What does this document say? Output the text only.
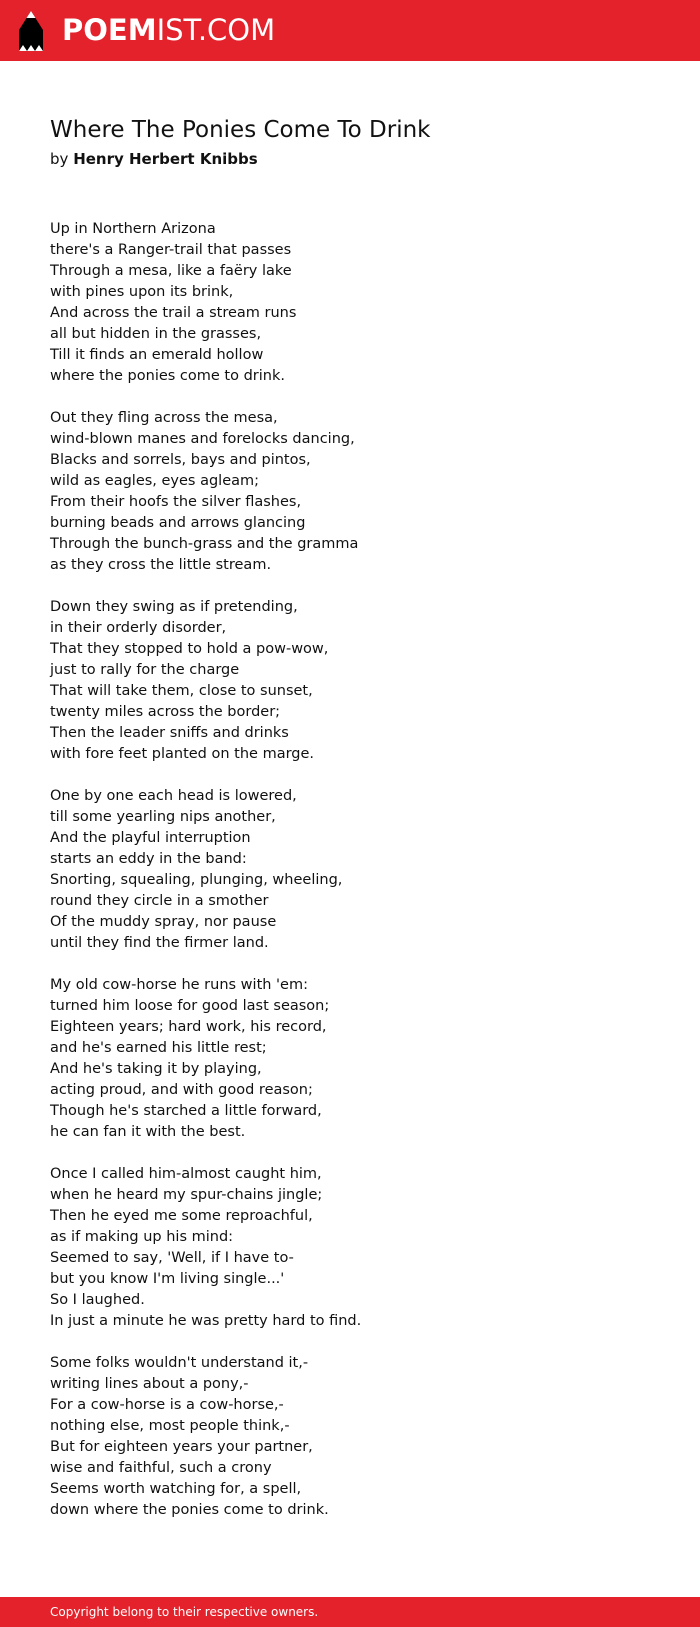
POEMIST.COM
Where The Ponies Come To Drink
by Henry Herbert Knibbs
Up in Northern Arizona
there's a Ranger-trail that passes
Through a mesa, like a faëry lake
with pines upon its brink,
And across the trail a stream runs
all but hidden in the grasses,
Till it finds an emerald hollow
where the ponies come to drink.
Out they fling across the mesa,
wind-blown manes and forelocks dancing,
Blacks and sorrels, bays and pintos,
wild as eagles, eyes agleam;
From their hoofs the silver flashes,
burning beads and arrows glancing
Through the bunch-grass and the gramma
as they cross the little stream.
Down they swing as if pretending,
in their orderly disorder,
That they stopped to hold a pow-wow,
just to rally for the charge
That will take them, close to sunset,
twenty miles across the border;
Then the leader sniffs and drinks
with fore feet planted on the marge.
One by one each head is lowered,
till some yearling nips another,
And the playful interruption
starts an eddy in the band:
Snorting, squealing, plunging, wheeling,
round they circle in a smother
Of the muddy spray, nor pause
until they find the firmer land.
My old cow-horse he runs with 'em:
turned him loose for good last season;
Eighteen years; hard work, his record,
and he's earned his little rest;
And he's taking it by playing,
acting proud, and with good reason;
Though he's starched a little forward,
he can fan it with the best.
Once I called him-almost caught him,
when he heard my spur-chains jingle;
Then he eyed me some reproachful,
as if making up his mind:
Seemed to say, 'Well, if I have to-
but you know I'm living single...'
So I laughed.
In just a minute he was pretty hard to find.
Some folks wouldn't understand it,-
writing lines about a pony,-
For a cow-horse is a cow-horse,-
nothing else, most people think,-
But for eighteen years your partner,
wise and faithful, such a crony
Seems worth watching for, a spell,
down where the ponies come to drink.
Copyright belong to their respective owners.
